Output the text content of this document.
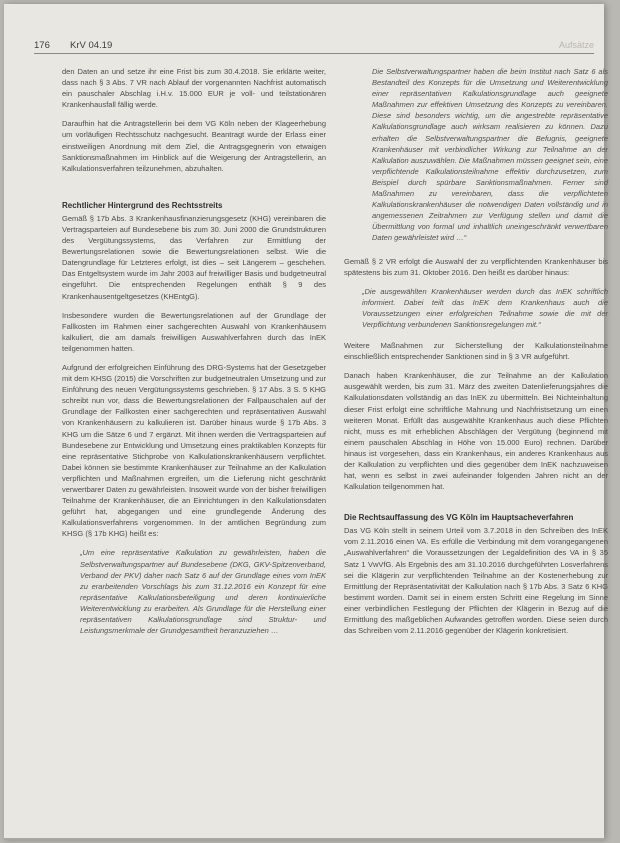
176 KrV 04.19	Aufsätze

den Daten an und setze ihr eine Frist bis zum 30.4.2018. Sie erklärte weiter, dass nach § 3 Abs. 7 VR nach Ablauf der vorgenannten Nachfrist automatisch ein pauschaler Abschlag i.H.v. 15.000 EUR je voll- und teilstationären Krankenhausfall fällig werde.

Daraufhin hat die Antragstellerin bei dem VG Köln neben der Klageerhebung um vorläufigen Rechtsschutz nachgesucht. Beantragt wurde der Erlass einer einstweiligen Anordnung mit dem Ziel, die Antragsgegnerin von etwaigen Sanktionsmaßnahmen im Hinblick auf die Weigerung der Antragstellerin, an Kalkulationsverfahren teilzunehmen, abzuhalten.

Rechtlicher Hintergrund des Rechtsstreits

Gemäß § 17b Abs. 3 Krankenhausfinanzierungsgesetz (KHG) vereinbaren die Vertragsparteien auf Bundesebene bis zum 30. Juni 2000 die Grundstrukturen des Vergütungssystems, das Verfahren zur Ermittlung der Bewertungsrelationen sowie die Bewertungsrelationen selbst. Wie die Datengrundlage für Letzteres erfolgt, ist dies – seit Längerem – geschehen. Das Entgeltsystem wurde im Jahr 2003 auf freiwilliger Basis und budgetneutral eingeführt. Die entsprechenden Regelungen enthält § 9 des Krankenhausentgeltgesetzes (KHEntgG).

Insbesondere wurden die Bewertungsrelationen auf der Grundlage der Fallkosten im Rahmen einer sachgerechten Auswahl von Krankenhäusern kalkuliert, die am damals freiwilligen Auswahlverfahren durch das InEK teilgenommen hatten.

Aufgrund der erfolgreichen Einführung des DRG-Systems hat der Gesetzgeber mit dem KHSG (2015) die Vorschriften zur budgetneutralen Umsetzung und zur Einführung des neuen Vergütungssystems geschrieben. § 17 Abs. 3 S. 5 KHG schreibt nun vor, dass die Bewertungsrelationen der Fallpauschalen auf der Grundlage der Fallkosten einer sachgerechten und repräsentativen Auswahl von Krankenhäusern zu kalkulieren ist. Darüber hinaus wurde § 17b Abs. 3 KHG um die Sätze 6 und 7 ergänzt. Mit ihnen werden die Vertragsparteien auf Bundesebene zur Entwicklung und Umsetzung eines praktikablen Konzepts für eine repräsentative Stichprobe von Kalkulationskrankenhäusern verpflichtet. Dabei können sie bestimmte Krankenhäuser zur Teilnahme an der Kalkulation verpflichten und Maßnahmen ergreifen, um die Lieferung nicht geschränkt verwertbarer Daten zu gewährleisten. Insoweit wurde von der bisher freiwilligen Teilnahme der Krankenhäuser, die an Einrichtungen in den Kalkulationsdaten geführt hat, abgegangen und eine grundlegende Änderung des Kalkulationsverfahrens vorgenommen. In der amtlichen Begründung zum KHSG (§ 17b KHG) heißt es:

„Um eine repräsentative Kalkulation zu gewährleisten, haben die Selbstverwaltungspartner auf Bundesebene (DKG, GKV-Spitzenverband, Verband der PKV) daher nach Satz 6 auf der Grundlage eines vom InEK zu erarbeitenden Vorschlags bis zum 31.12.2016 ein Konzept für eine repräsentative Kalkulationsbeteiligung und deren kontinuierliche Weiterentwicklung zu erarbeiten. Als Grundlage für die Herstellung einer repräsentativen Kalkulationsgrundlage sind Struktur- und Leistungsmerkmale der Grundgesamtheit heranzuziehen …

Die Selbstverwaltungspartner haben die beim Institut nach Satz 6 als Bestandteil des Konzepts für die Umsetzung und Weiterentwicklung einer repräsentativen Kalkulationsgrundlage auch geeignete Maßnahmen zur effektiven Umsetzung des Konzepts zu vereinbaren. Diese sind besonders wichtig, um die angestrebte repräsentative Kalkulationsgrundlage auch wirksam realisieren zu können. Dazu erhalten die Selbstverwaltungspartner die Befugnis, geeignete Krankenhäuser mit verbindlicher Wirkung zur Teilnahme an der Kalkulation auszuwählen. Die Maßnahmen müssen geeignet sein, eine verpflichtende Kalkulationsteilnahme effektiv durchzusetzen, zum Beispiel durch spürbare Sanktionsmaßnahmen. Ferner sind Maßnahmen zu vereinbaren, dass die verpflichteten Kalkulationskrankenhäuser die notwendigen Daten vollständig und in angemessenen Zeitrahmen zur Verfügung stellen und damit die Übermittlung von formal und inhaltlich uneingeschränkt verwertbaren Daten gewährleistet wird …“

Gemäß § 2 VR erfolgt die Auswahl der zu verpflichtenden Krankenhäuser bis spätestens bis zum 31. Oktober 2016. Den heißt es darüber hinaus:

„Die ausgewählten Krankenhäuser werden durch das InEK schriftlich informiert. Dabei teilt das InEK dem Krankenhaus auch die Voraussetzungen einer erfolgreichen Teilnahme sowie die mit der Verpflichtung verbundenen Sanktionsregelungen mit.“

Weitere Maßnahmen zur Sicherstellung der Kalkulationsteilnahme einschließlich entsprechender Sanktionen sind in § 3 VR aufgeführt.

Danach haben Krankenhäuser, die zur Teilnahme an der Kalkulation ausgewählt werden, bis zum 31. März des zweiten Datenlieferungsjahres die Kalkulationsdaten vollständig an das InEK zu übermitteln. Bei Nichteinhaltung dieser Frist erfolgt eine schriftliche Mahnung und Nachfristsetzung um einen weiteren Monat. Erfüllt das ausgewählte Krankenhaus auch diese Pflichten nicht, muss es mit erheblichen Abschlägen der Vergütung (beginnend mit einem pauschalen Abschlag in Höhe von 15.000 Euro) rechnen. Darüber hinaus ist vorgesehen, dass ein Krankenhaus, ein anderes Krankenhaus aus der Kalkulation zu verpflichten und dies gegenüber dem InEK nachzuweisen hat, wenn es selbst in zwei aufeinander folgenden Jahren nicht an der Kalkulation teilgenommen hat.

Die Rechtsauffassung des VG Köln im Hauptsacheverfahren

Das VG Köln stellt in seinem Urteil vom 3.7.2018 in den Schreiben des InEK vom 2.11.2016 einen VA. Es erfülle die Verbindung mit dem vorangegangenen „Auswahlverfahren“ die Voraussetzungen der Legaldefinition des VA in § 35 Satz 1 VwVfG. Als Ergebnis des am 31.10.2016 durchgeführten Losverfahrens sei die Klägerin zur verpflichtenden Teilnahme an der Kostenerhebung zur Ermittlung der Repräsentativität der Kalkulation nach § 17b Abs. 3 Satz 6 KHG bestimmt worden. Damit sei in einem ersten Schritt eine Regelung im Sinne einer verbindlichen Festlegung der Pflichten der Klägerin in Bezug auf die Ermittlung des maßgeblichen Aufwandes getroffen worden. Diese seien durch das Schreiben vom 2.11.2016 gegenüber der Klägerin konkretisiert.
